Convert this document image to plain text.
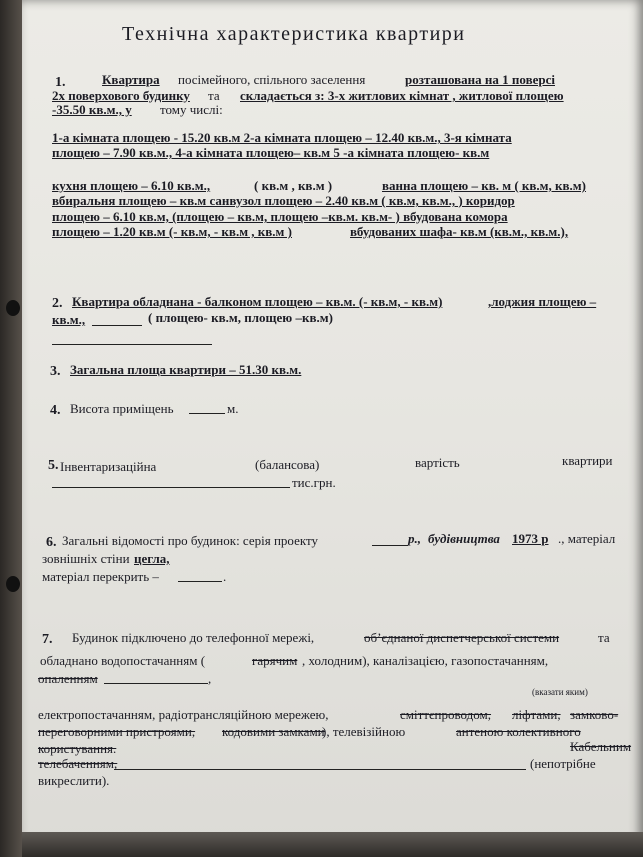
Технічна характеристика квартири
1.	Квартира посімейного, спільного заселення	розташована на 1 поверсі
2х поверхового будинку та складається з: 3-х житлових кімнат , житлової площею
-35.50 кв.м., у тому числі:
1-а кімната площею - 15.20 кв.м 2-а кімната площею – 12.40 кв.м., 3-я кімната
площею – 7.90 кв.м., 4-а кімната площею– кв.м 5 -а кімната площею- кв.м
кухня площею – 6.10 кв.м.,	( кв.м , кв.м )	ванна площею – кв. м ( кв.м, кв.м)
вбиральня площею – кв.м санвузол площею – 2.40 кв.м ( кв.м, кв.м., ) коридор
площею – 6.10 кв.м, (площею – кв.м, площею –кв.м. кв.м- ) вбудована комора
площею – 1.20 кв.м (- кв.м, - кв.м , кв.м )	вбудованих шафа- кв.м (кв.м., кв.м.),
2. Квартира обладнана - балконом площею – кв.м. (- кв.м, - кв.м)	,лоджия площею –
кв.м.,	( площею- кв.м, площею –кв.м)
3. Загальна площа квартири – 51.30 кв.м.
4. Висота приміщень	м.
5. Інвентаризаційна	(балансова)	вартість	квартири
тис.грн.
6. Загальні відомості про будинок: серія проекту	р., будівництва 1973 р ., матеріал
зовнішніх стіни цегла,
матеріал перекрить –	.
7. Будинок підключено до телефонної мережі,	об’єднаної диспетчерської системи	та
обладнано водопостачанням (	гарячим , холодним), каналізацією, газопостачанням,
опаленням	,
(вказати яким)
електропостачанням, радіотрансляційною мережею,	сміттєпроводом, ліфтами, замково-
переговорними пристроями, кодовими замками
), телевізійною	антеною колективного
користування.	Кабельним
телебаченням,	(непотрібне
викреслити).
